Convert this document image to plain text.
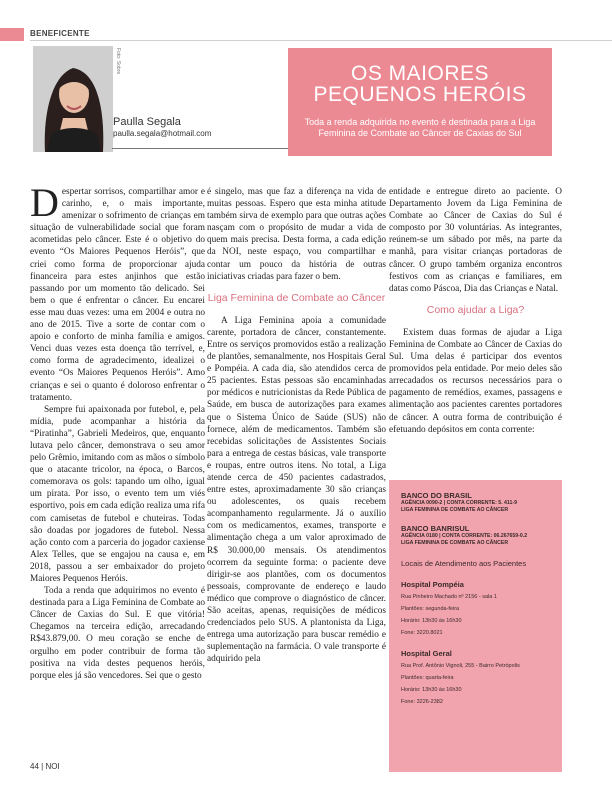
BENEFICENTE
Foto: Sobre
Paulla Segala
paulla.segala@hotmail.com
OS MAIORES
PEQUENOS HERÓIS
Toda a renda adquirida no evento é destinada para a Liga Feminina de Combate ao Câncer de Caxias do Sul

Despertar sorrisos, compartilhar amor e carinho, e, o mais importante, amenizar o sofrimento de crianças em situação de vulnerabilidade social que foram acometidas pelo câncer. Este é o objetivo do evento “Os Maiores Pequenos Heróis”, que criei como forma de proporcionar ajuda financeira para estes anjinhos que estão passando por um momento tão delicado. Sei bem o que é enfrentar o câncer. Eu encarei esse mau duas vezes: uma em 2004 e outra no ano de 2015. Tive a sorte de contar com o apoio e conforto de minha família e amigos. Venci duas vezes esta doença tão terrível, e, como forma de agradecimento, idealizei o evento “Os Maiores Pequenos Heróis”. Amo crianças e sei o quanto é doloroso enfrentar o tratamento.

Sempre fui apaixonada por futebol, e, pela mídia, pude acompanhar a história da “Piratinha”, Gabrieli Medeiros, que, enquanto lutava pelo câncer, demonstrava o seu amor pelo Grêmio, imitando com as mãos o símbolo que o atacante tricolor, na época, o Barcos, comemorava os gols: tapando um olho, igual um pirata. Por isso, o evento tem um viés esportivo, pois em cada edição realiza uma rifa com camisetas de futebol e chuteiras. Todas são doadas por jogadores de futebol. Nessa ação conto com a parceria do jogador caxiense Alex Telles, que se engajou na causa e, em 2018, passou a ser embaixador do projeto Maiores Pequenos Heróis.

Toda a renda que adquirimos no evento é destinada para a Liga Feminina de Combate ao Câncer de Caxias do Sul. E que vitória! Chegamos na terceira edição, arrecadando R$43.879,00. O meu coração se enche de orgulho em poder contribuir de forma tão positiva na vida destes pequenos heróis, porque eles já são vencedores. Sei que o gesto

é singelo, mas que faz a diferença na vida de muitas pessoas. Espero que esta minha atitude também sirva de exemplo para que outras ações nasçam com o propósito de mudar a vida de quem mais precisa. Desta forma, a cada edição da NOI, neste espaço, vou compartilhar e contar um pouco da história de outras iniciativas criadas para fazer o bem.

Liga Feminina de Combate ao Câncer

A Liga Feminina apoia a comunidade carente, portadora de câncer, constantemente. Entre os serviços promovidos estão a realização de plantões, semanalmente, nos Hospitais Geral e Pompéia. A cada dia, são atendidos cerca de 25 pacientes. Estas pessoas são encaminhadas por médicos e nutricionistas da Rede Pública de Saúde, em busca de autorizações para exames que o Sistema Único de Saúde (SUS) não fornece, além de medicamentos. Também são recebidas solicitações de Assistentes Sociais para a entrega de cestas básicas, vale transporte e roupas, entre outros itens. No total, a Liga atende cerca de 450 pacientes cadastrados, entre estes, aproximadamente 30 são crianças ou adolescentes, os quais recebem acompanhamento regularmente. Já o auxílio com os medicamentos, exames, transporte e alimentação chega a um valor aproximado de R$ 30.000,00 mensais. Os atendimentos ocorrem da seguinte forma: o paciente deve dirigir-se aos plantões, com os documentos pessoais, comprovante de endereço e laudo médico que comprove o diagnóstico de câncer. São aceitas, apenas, requisições de médicos credenciados pelo SUS. A plantonista da Liga, entrega uma autorização para buscar remédio e suplementação na farmácia. O vale transporte é adquirido pela

entidade e entregue direto ao paciente. O Departamento Jovem da Liga Feminina de Combate ao Câncer de Caxias do Sul é composto por 30 voluntárias. As integrantes, reúnem-se um sábado por mês, na parte da manhã, para visitar crianças portadoras de câncer. O grupo também organiza encontros festivos com as crianças e familiares, em datas como Páscoa, Dia das Crianças e Natal.

Como ajudar a Liga?

Existem duas formas de ajudar a Liga Feminina de Combate ao Câncer de Caxias do Sul. Uma delas é participar dos eventos promovidos pela entidade. Por meio deles são arrecadados os recursos necessários para o pagamento de remédios, exames, passagens e alimentação aos pacientes carentes portadores de câncer. A outra forma de contribuição é efetuando depósitos em conta corrente:

BANCO DO BRASIL
AGÊNCIA 0090-2 | CONTA CORRENTE: 5. 411-9
LIGA FEMININA DE COMBATE AO CÂNCER
BANCO BANRISUL
AGÊNCIA 0180 | CONTA CORRENTE: 06.267659-0.2
LIGA FEMININA DE COMBATE AO CÂNCER
Locais de Atendimento aos Pacientes
Hospital Pompéia
Rua Pinheiro Machado nº 2156 - sala 1
Plantões: segunda-feira
Horário: 13h30 às 16h30
Fone: 3220.8021
Hospital Geral
Rua Prof. Antônio Vignoli, 255 - Bairro Petrópolis
Plantões: quarta-feira
Horário: 13h30 às 16h30
Fone: 3226-2382
44 | NOI
